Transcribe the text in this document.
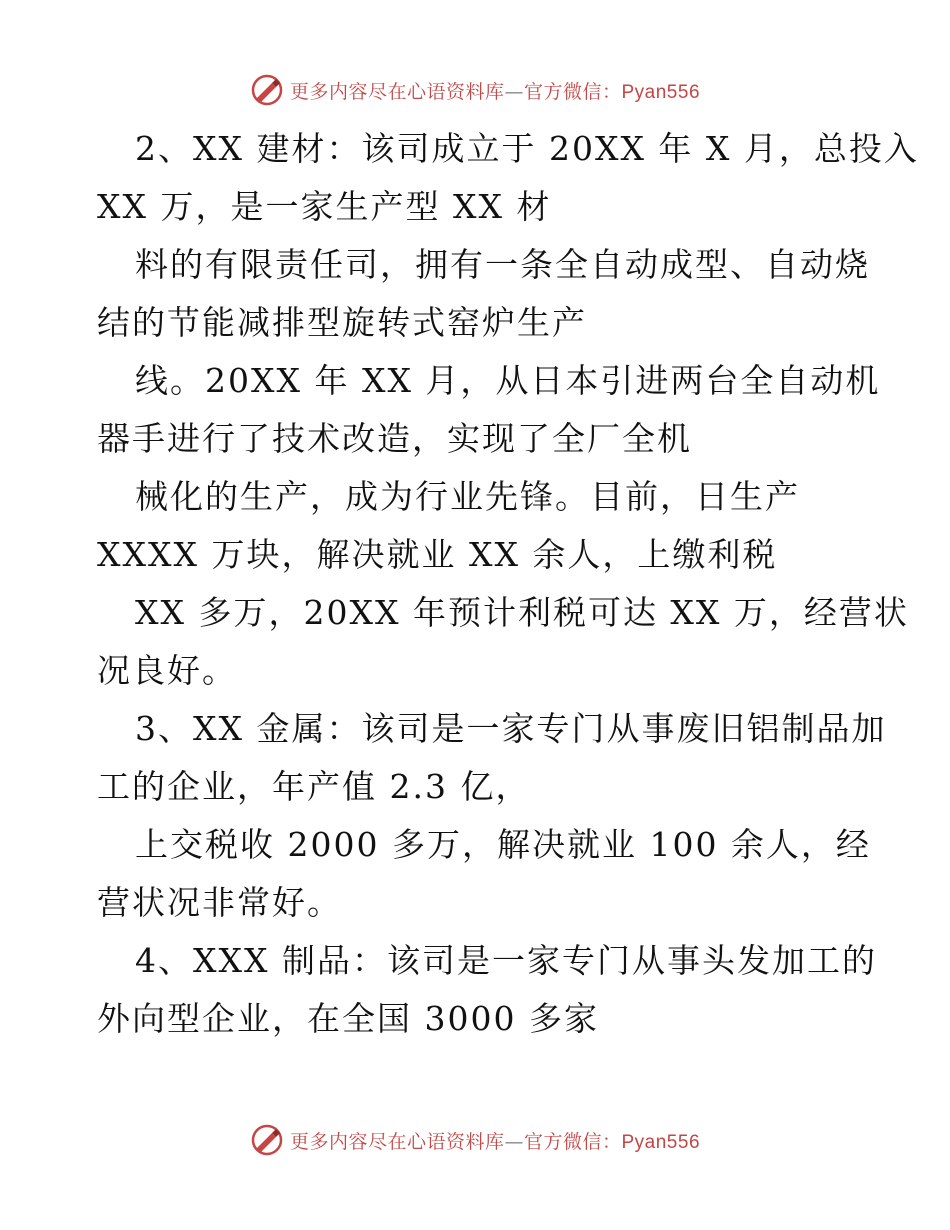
更多内容尽在心语资料库—官方微信：Pyan556
2、XX 建材：该司成立于 20XX 年 X 月，总投入
XX 万，是一家生产型 XX 材
料的有限责任司，拥有一条全自动成型、自动烧
结的节能减排型旋转式窑炉生产
线。20XX 年 XX 月，从日本引进两台全自动机
器手进行了技术改造，实现了全厂全机
械化的生产，成为行业先锋。目前，日生产
XXXX 万块，解决就业 XX 余人，上缴利税
XX 多万，20XX 年预计利税可达 XX 万，经营状
况良好。
3、XX 金属：该司是一家专门从事废旧铝制品加
工的企业，年产值 2.3 亿，
上交税收 2000 多万，解决就业 100 余人，经
营状况非常好。
4、XXX 制品：该司是一家专门从事头发加工的
外向型企业，在全国 3000 多家
更多内容尽在心语资料库—官方微信：Pyan556
